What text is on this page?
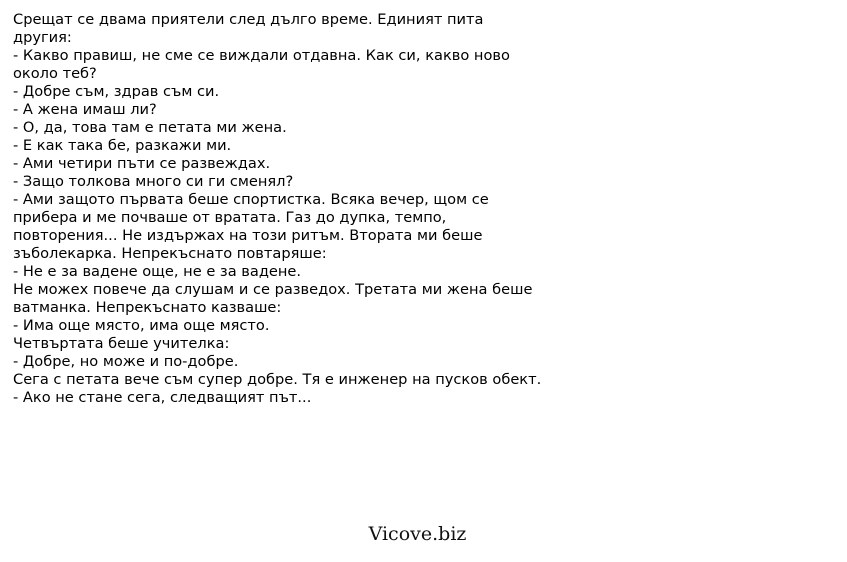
Срещат се двама приятели след дълго време. Единият пита
другия:
- Какво правиш, не сме се виждали отдавна. Как си, какво ново
около теб?
- Добре съм, здрав съм си.
- А жена имаш ли?
- О, да, това там е петата ми жена.
- Е как така бе, разкажи ми.
- Ами четири пъти се развеждах.
- Защо толкова много си ги сменял?
- Ами защото първата беше спортистка. Всяка вечер, щом се
прибера и ме почваше от вратата. Газ до дупка, темпо,
повторения... Не издържах на този ритъм. Втората ми беше
зъболекарка. Непрекъснато повтаряше:
- Не е за вадене още, не е за вадене.
Не можех повече да слушам и се разведох. Третата ми жена беше
ватманка. Непрекъснато казваше:
- Има още място, има още място.
Четвъртата беше учителка:
- Добре, но може и по-добре.
Сега с петата вече съм супер добре. Тя е инженер на пусков обект.
- Ако не стане сега, следващият път...
Vicove.biz
